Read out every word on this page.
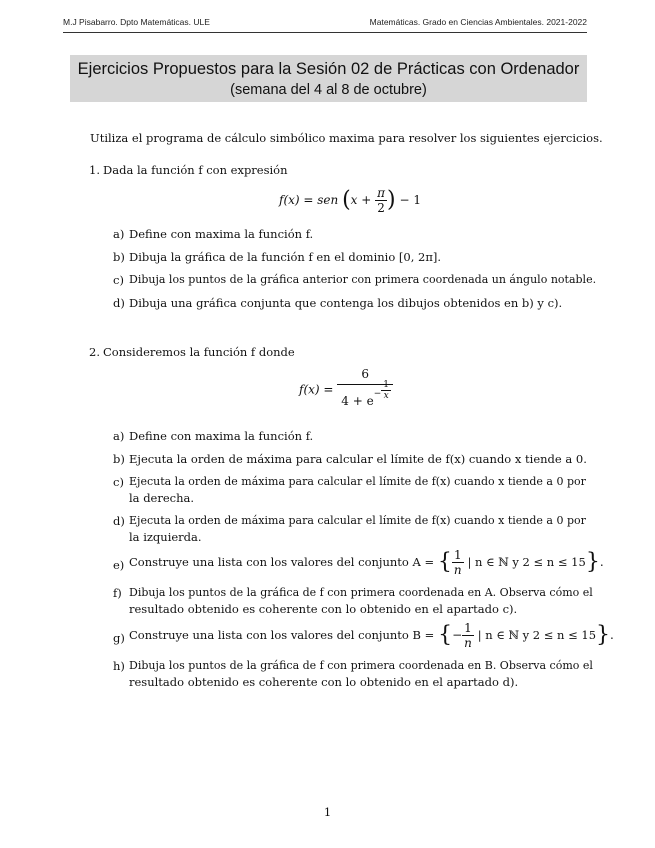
M.J Pisabarro. Dpto Matemáticas. ULE	Matemáticas. Grado en Ciencias Ambientales. 2021-2022
Ejercicios Propuestos para la Sesión 02 de Prácticas con Ordenador
(semana del 4 al 8 de octubre)
Utiliza el programa de cálculo simbólico maxima para resolver los siguientes ejercicios.
1. Dada la función f con expresión
f(x) = sen ($x + \frac{\pi}{2}$ ) − 1
a) Define con maxima la función f.
b) Dibuja la gráfica de la función f en el dominio [0, 2π].
c) Dibuja los puntos de la gráfica anterior con primera coordenada un ángulo notable.
d) Dibuja una gráfica conjunta que contenga los dibujos obtenidos en b) y c).
2. Consideremos la función f donde
$f(x) = \frac{6}{4 + e^- \frac{1}{x}}$
a) Define con maxima la función f.
b) Ejecuta la orden de máxima para calcular el límite de f(x) cuando x tiende a 0.
c) Ejecuta la orden de máxima para calcular el límite de f(x) cuando x tiende a 0 por
la derecha.
d) Ejecuta la orden de máxima para calcular el límite de f(x) cuando x tiende a 0 por
la izquierda.
e) Construye una lista con los valores del conjunto A = { $\frac{1}{n}$ | n ∈ ℕ y 2 ≤ n ≤ 15}.
f) Dibuja los puntos de la gráfica de f con primera coordenada en A. Observa cómo el
resultado obtenido es coherente con lo obtenido en el apartado c).
g) Construye una lista con los valores del conjunto B = {− $\frac{1}{n}$ | n ∈ ℕ y 2 ≤ n ≤ 15}.
h) Dibuja los puntos de la gráfica de f con primera coordenada en B. Observa cómo el
resultado obtenido es coherente con lo obtenido en el apartado d).
1
